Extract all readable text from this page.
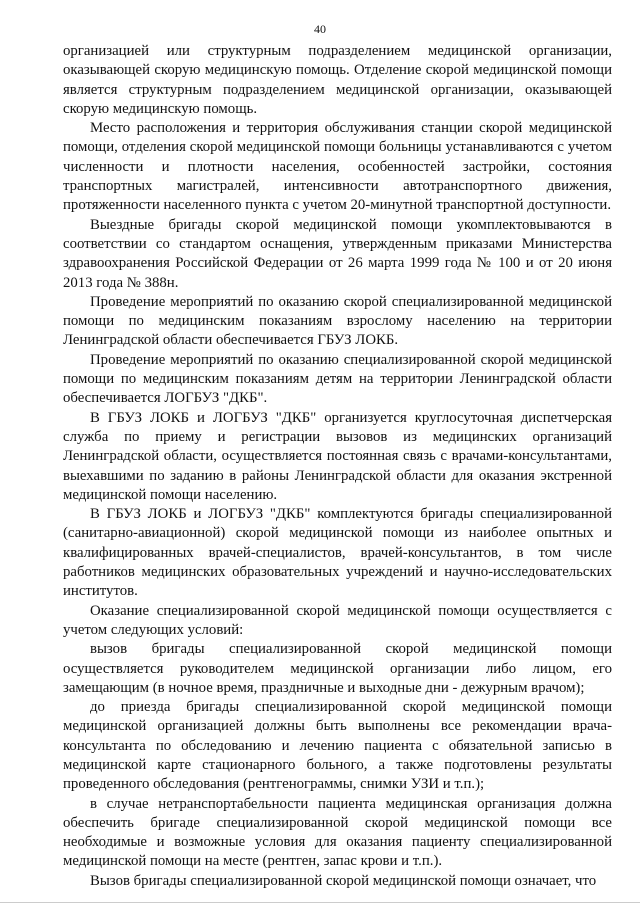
40

организацией или структурным подразделением медицинской организации, оказывающей скорую медицинскую помощь. Отделение скорой медицинской помощи является структурным подразделением медицинской организации, оказывающей скорую медицинскую помощь.

Место расположения и территория обслуживания станции скорой медицинской помощи, отделения скорой медицинской помощи больницы устанавливаются с учетом численности и плотности населения, особенностей застройки, состояния транспортных магистралей, интенсивности автотранспортного движения, протяженности населенного пункта с учетом 20-минутной транспортной доступности.

Выездные бригады скорой медицинской помощи укомплектовываются в соответствии со стандартом оснащения, утвержденным приказами Министерства здравоохранения Российской Федерации от 26 марта 1999 года № 100 и от 20 июня 2013 года № 388н.

Проведение мероприятий по оказанию скорой специализированной медицинской помощи по медицинским показаниям взрослому населению на территории Ленинградской области обеспечивается ГБУЗ ЛОКБ.

Проведение мероприятий по оказанию специализированной скорой медицинской помощи по медицинским показаниям детям на территории Ленинградской области обеспечивается ЛОГБУЗ "ДКБ".

В ГБУЗ ЛОКБ и ЛОГБУЗ "ДКБ" организуется круглосуточная диспетчерская служба по приему и регистрации вызовов из медицинских организаций Ленинградской области, осуществляется постоянная связь с врачами-консультантами, выехавшими по заданию в районы Ленинградской области для оказания экстренной медицинской помощи населению.

В ГБУЗ ЛОКБ и ЛОГБУЗ "ДКБ" комплектуются бригады специализированной (санитарно-авиационной) скорой медицинской помощи из наиболее опытных и квалифицированных врачей-специалистов, врачей-консультантов, в том числе работников медицинских образовательных учреждений и научно-исследовательских институтов.

Оказание специализированной скорой медицинской помощи осуществляется с учетом следующих условий:

вызов бригады специализированной скорой медицинской помощи осуществляется руководителем медицинской организации либо лицом, его замещающим (в ночное время, праздничные и выходные дни - дежурным врачом);

до приезда бригады специализированной скорой медицинской помощи медицинской организацией должны быть выполнены все рекомендации врача-консультанта по обследованию и лечению пациента с обязательной записью в медицинской карте стационарного больного, а также подготовлены результаты проведенного обследования (рентгенограммы, снимки УЗИ и т.п.);

в случае нетранспортабельности пациента медицинская организация должна обеспечить бригаде специализированной скорой медицинской помощи все необходимые и возможные условия для оказания пациенту специализированной медицинской помощи на месте (рентген, запас крови и т.п.).

Вызов бригады специализированной скорой медицинской помощи означает, что
